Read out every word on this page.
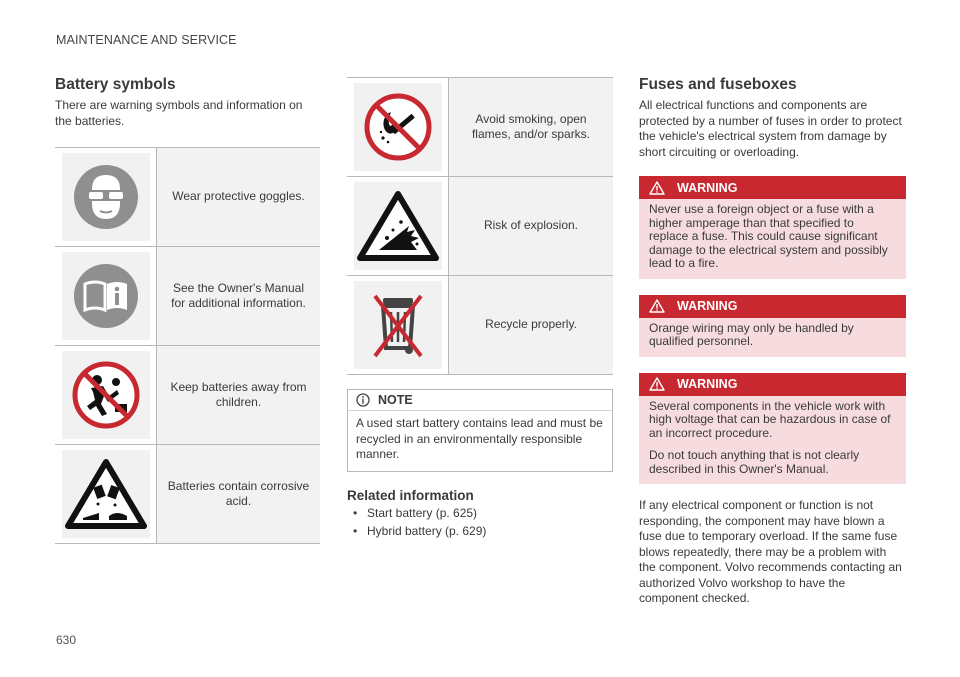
MAINTENANCE AND SERVICE
Battery symbols
There are warning symbols and information on the batteries.
Wear protective goggles.
See the Owner's Manual for additional information.
Keep batteries away from children.
Batteries contain corrosive acid.
Avoid smoking, open flames, and/or sparks.
Risk of explosion.
Recycle properly.
NOTE
A used start battery contains lead and must be recycled in an environmentally responsible manner.
Related information
• Start battery (p. 625)
• Hybrid battery (p. 629)
Fuses and fuseboxes
All electrical functions and components are protected by a number of fuses in order to protect the vehicle's electrical system from damage by short circuiting or overloading.
WARNING

Never use a foreign object or a fuse with a higher amperage than that specified to replace a fuse. This could cause significant damage to the electrical system and possibly lead to a fire.

WARNING

Orange wiring may only be handled by qualified personnel.

WARNING

Several components in the vehicle work with high voltage that can be hazardous in case of an incorrect procedure.

Do not touch anything that is not clearly described in this Owner's Manual.

If any electrical component or function is not responding, the component may have blown a fuse due to temporary overload. If the same fuse blows repeatedly, there may be a problem with the component. Volvo recommends contacting an authorized Volvo workshop to have the component checked.
630
